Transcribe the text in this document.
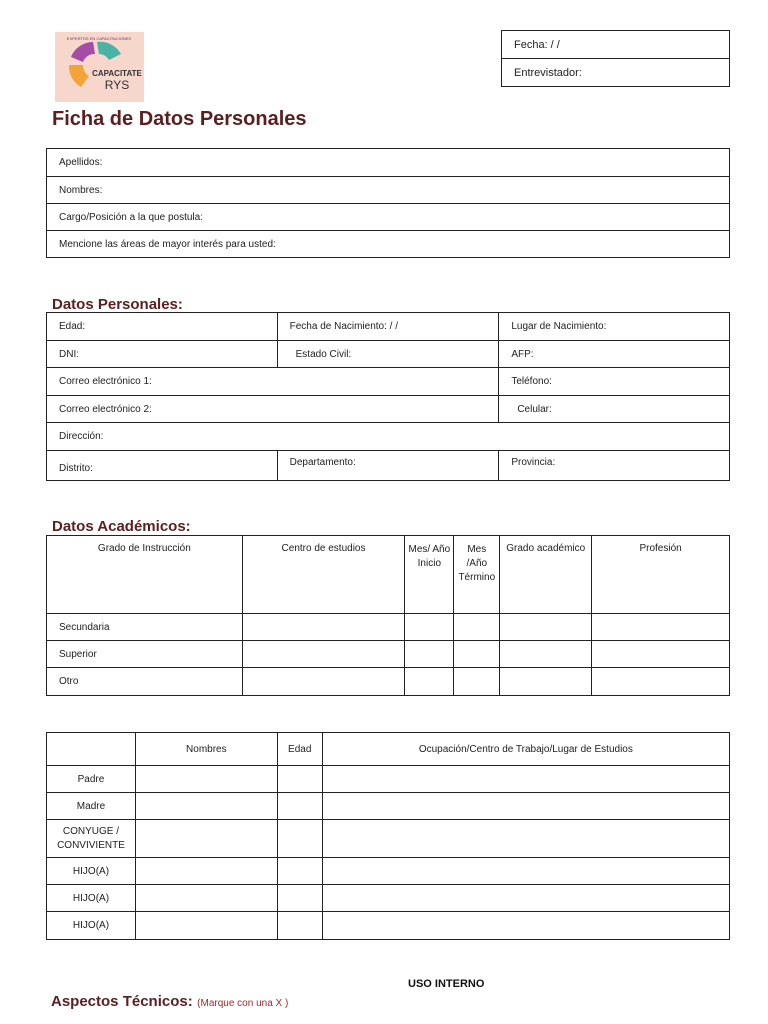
EXPERTOS EN CAPACITACIONES
CAPACITATE
RYS
Fecha: / /
Entrevistador:
Ficha de Datos Personales
Apellidos:
Nombres:
Cargo/Posición a la que postula:
Mencione las áreas de mayor interés para usted:
Datos Personales:
Edad:	Fecha de Nacimiento: / /	Lugar de Nacimiento:
DNI:	Estado Civil:	AFP:
Correo electrónico 1:		Teléfono:
Correo electrónico 2:		Celular:
Dirección:		
Distrito:	Departamento:	Provincia:
Datos Académicos:
Grado de Instrucción	Centro de estudios	Mes/ Año Inicio	Mes /Año Término	Grado académico	Profesión
Secundaria					
Superior					
Otro					
	Nombres	Edad	Ocupación/Centro de Trabajo/Lugar de Estudios
Padre			
Madre			
CONYUGE / CONVIVIENTE			
HIJO(A)			
HIJO(A)			
HIJO(A)			
USO INTERNO
Aspectos Técnicos: (Marque con una X )
